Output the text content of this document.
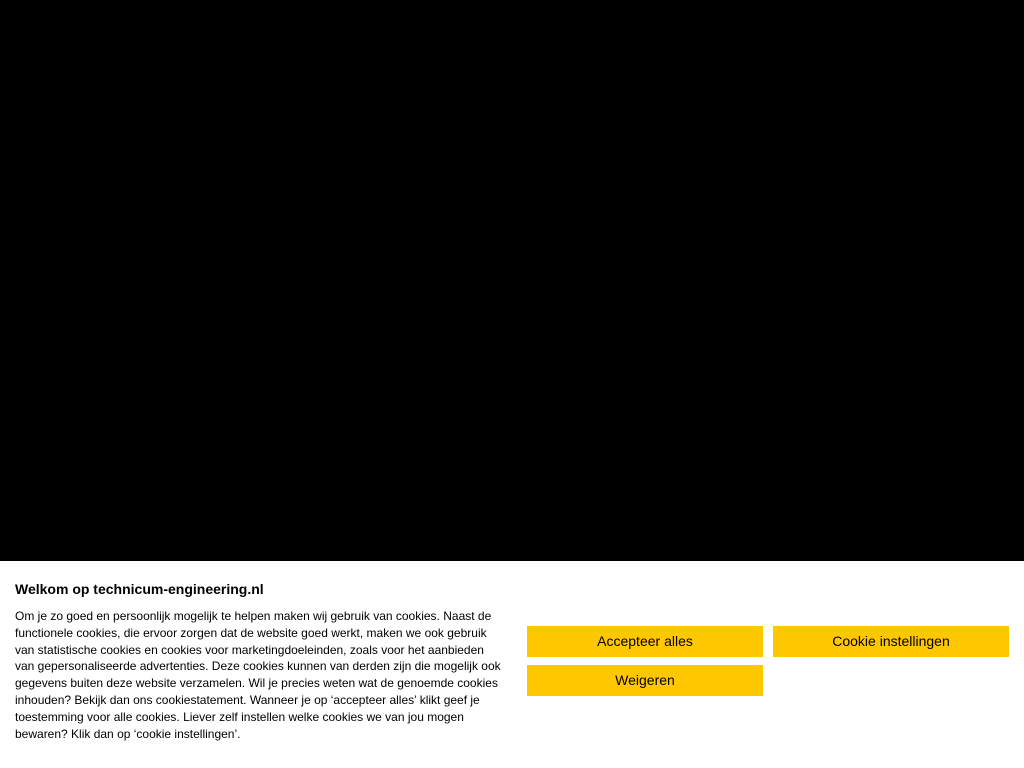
Welkom op technicum-engineering.nl

Om je zo goed en persoonlijk mogelijk te helpen maken wij gebruik van cookies. Naast de functionele cookies, die ervoor zorgen dat de website goed werkt, maken we ook gebruik van statistische cookies en cookies voor marketingdoeleinden, zoals voor het aanbieden van gepersonaliseerde advertenties. Deze cookies kunnen van derden zijn die mogelijk ook gegevens buiten deze website verzamelen. Wil je precies weten wat de genoemde cookies inhouden? Bekijk dan ons cookiestatement. Wanneer je op ‘accepteer alles’ klikt geef je toestemming voor alle cookies. Liever zelf instellen welke cookies we van jou mogen bewaren? Klik dan op ‘cookie instellingen’.

Accepteer alles	Cookie instellingen
Weigeren
